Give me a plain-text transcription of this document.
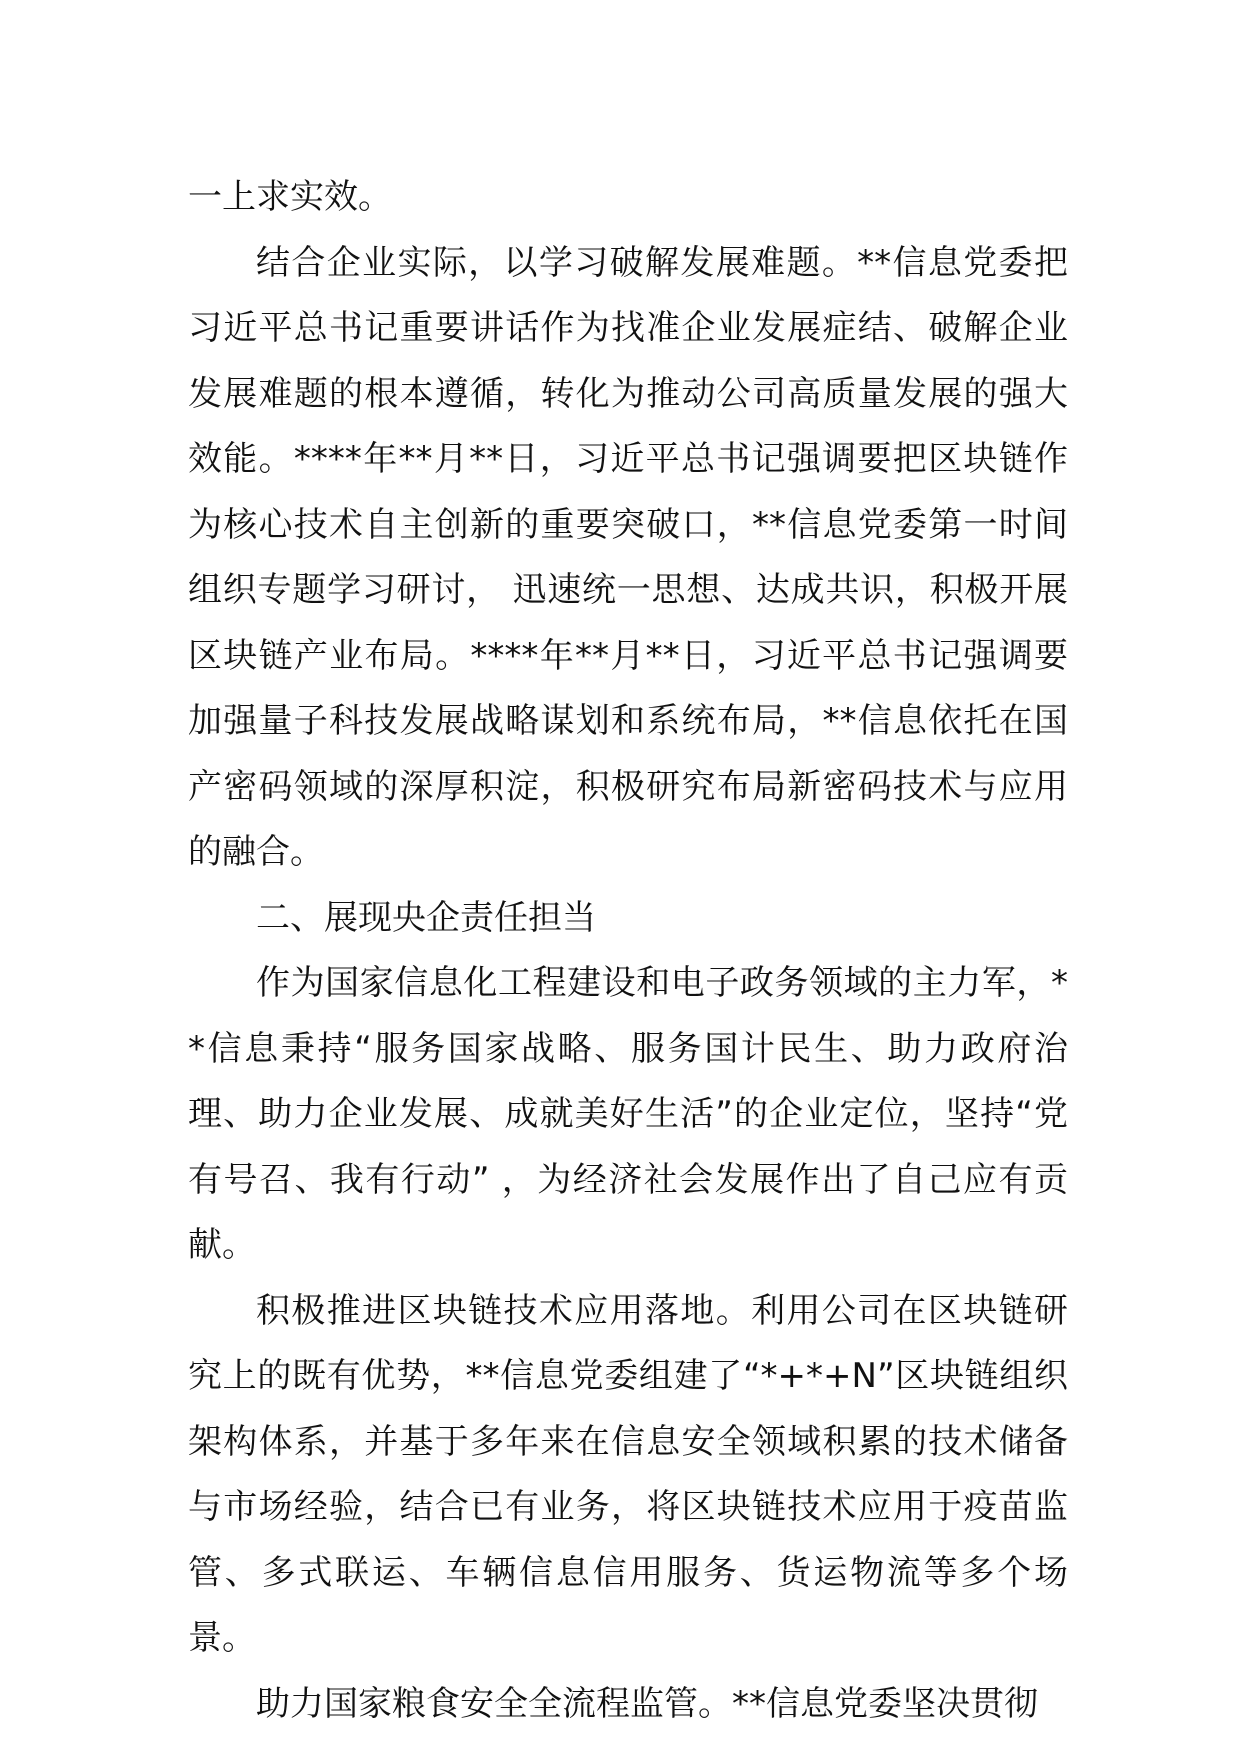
一上求实效。

结合企业实际，以学习破解发展难题。**信息党委把习近平总书记重要讲话作为找准企业发展症结、破解企业发展难题的根本遵循，转化为推动公司高质量发展的强大效能。****年**月**日，习近平总书记强调要把区块链作为核心技术自主创新的重要突破口，**信息党委第一时间组织专题学习研讨， 迅速统一思想、达成共识，积极开展区块链产业布局。****年**月**日，习近平总书记强调要加强量子科技发展战略谋划和系统布局，**信息依托在国产密码领域的深厚积淀，积极研究布局新密码技术与应用的融合。

二、展现央企责任担当

作为国家信息化工程建设和电子政务领域的主力军，**信息秉持“服务国家战略、服务国计民生、助力政府治理、助力企业发展、成就美好生活”的企业定位，坚持“党有号召、我有行动” ，为经济社会发展作出了自己应有贡献。

积极推进区块链技术应用落地。利用公司在区块链研究上的既有优势，**信息党委组建了“*+*+N”区块链组织架构体系，并基于多年来在信息安全领域积累的技术储备与市场经验，结合已有业务，将区块链技术应用于疫苗监管、多式联运、车辆信息信用服务、货运物流等多个场景。

助力国家粮食安全全流程监管。**信息党委坚决贯彻
